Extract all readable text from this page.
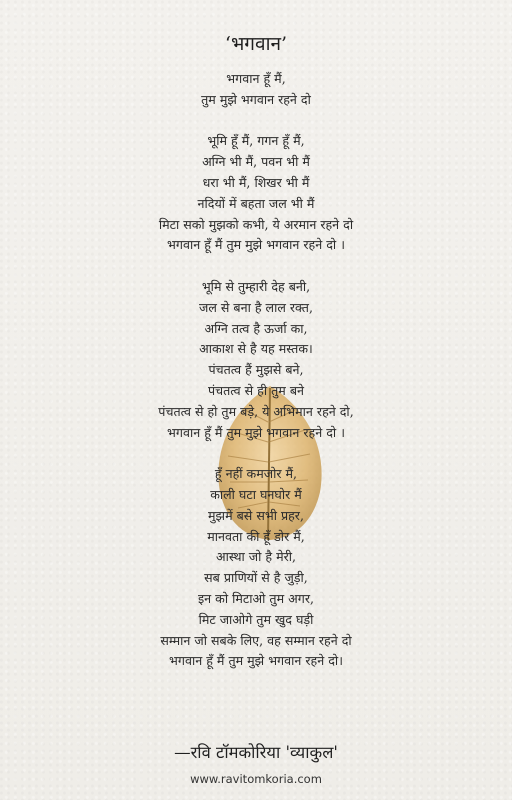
‘भगवान’
भगवान हूँ मैं,
तुम मुझे भगवान रहने दो
भूमि हूँ मैं, गगन हूँ मैं,
अग्नि भी मैं, पवन भी मैं
धरा भी मैं, शिखर भी मैं
नदियों में बहता जल भी मैं
मिटा सको मुझको कभी, ये अरमान रहने दो
भगवान हूँ मैं तुम मुझे भगवान रहने दो ।
भूमि से तुम्हारी देह बनी,
जल से बना है लाल रक्त,
अग्नि तत्व है ऊर्जा का,
आकाश से है यह मस्तक।
पंचतत्व हैं मुझसे बने,
पंचतत्व से ही तुम बने
पंचतत्व से हो तुम बड़े, ये अभिमान रहने दो,
भगवान हूँ मैं तुम मुझे भगवान रहने दो ।
हूँ नहीं कमजोर मैं,
काली घटा घनघोर मैं
मुझमें बसे सभी प्रहर,
मानवता की हूँ डोर मैं,
आस्था जो है मेरी,
सब प्राणियों से है जुड़ी,
इन को मिटाओ तुम अगर,
मिट जाओगे तुम खुद घड़ी
सम्मान जो सबके लिए, वह सम्मान रहने दो
भगवान हूँ मैं तुम मुझे भगवान रहने दो।
—रवि टॉमकोरिया 'व्याकुल'
www.ravitomkoria.com
